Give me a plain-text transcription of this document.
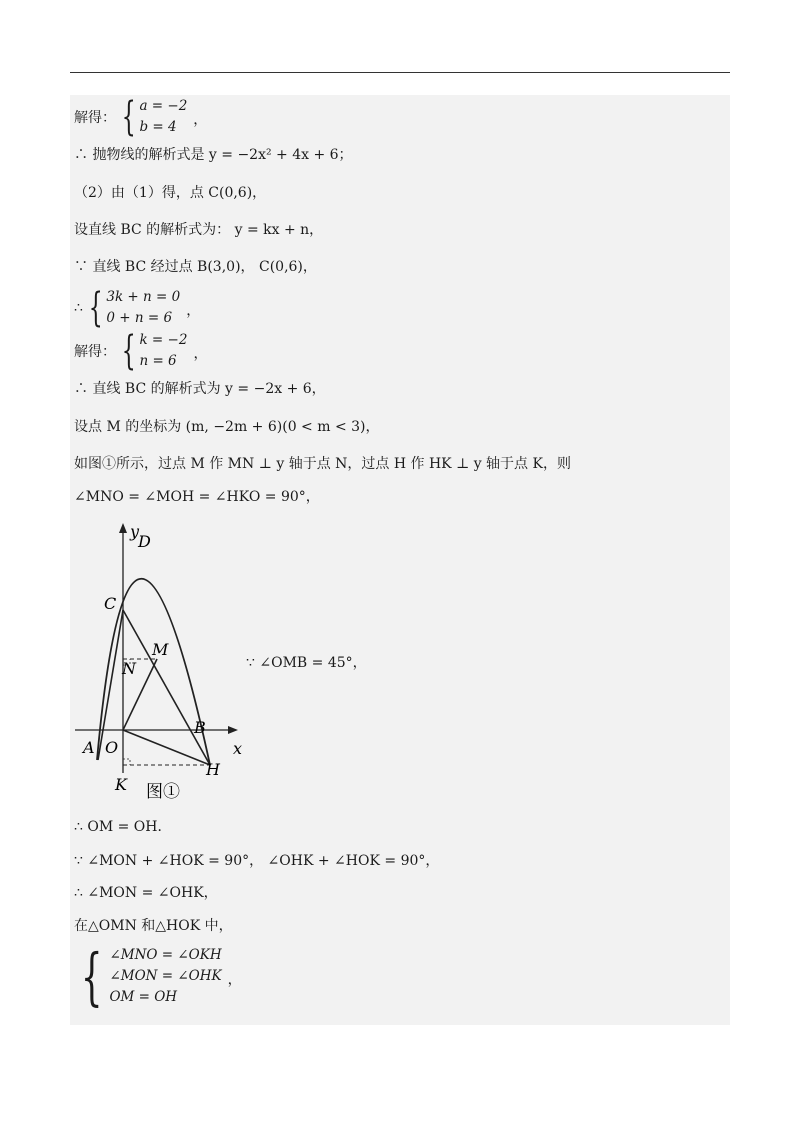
解得： { a = −2
b = 4	，
∴ 抛物线的解析式是 y = −2x² + 4x + 6；
（2）由（1）得，点 C(0,6)，
设直线 BC 的解析式为： y = kx + n，
∵ 直线 BC 经过点 B(3,0)， C(0,6)，
∴ { 3k + n = 0
0 + n = 6	，
解得： { k = −2
n = 6	，
∴ 直线 BC 的解析式为 y = −2x + 6，
设点 M 的坐标为 (m, −2m + 6)(0 < m < 3)，
如图①所示，过点 M 作 MN ⊥ y 轴于点 N，过点 H 作 HK ⊥ y 轴于点 K，则
∠MNO = ∠MOH = ∠HKO = 90°，
y
D
C
M
N
B
x
A O
H
K 图①
∵ ∠OMB = 45°，
∴ OM = OH．
∵ ∠MON + ∠HOK = 90°， ∠OHK + ∠HOK = 90°，
∴ ∠MON = ∠OHK，
在△OMN 和△HOK 中，
{ ∠MNO = ∠OKH
∠MON = ∠OHK
OM = OH
，
